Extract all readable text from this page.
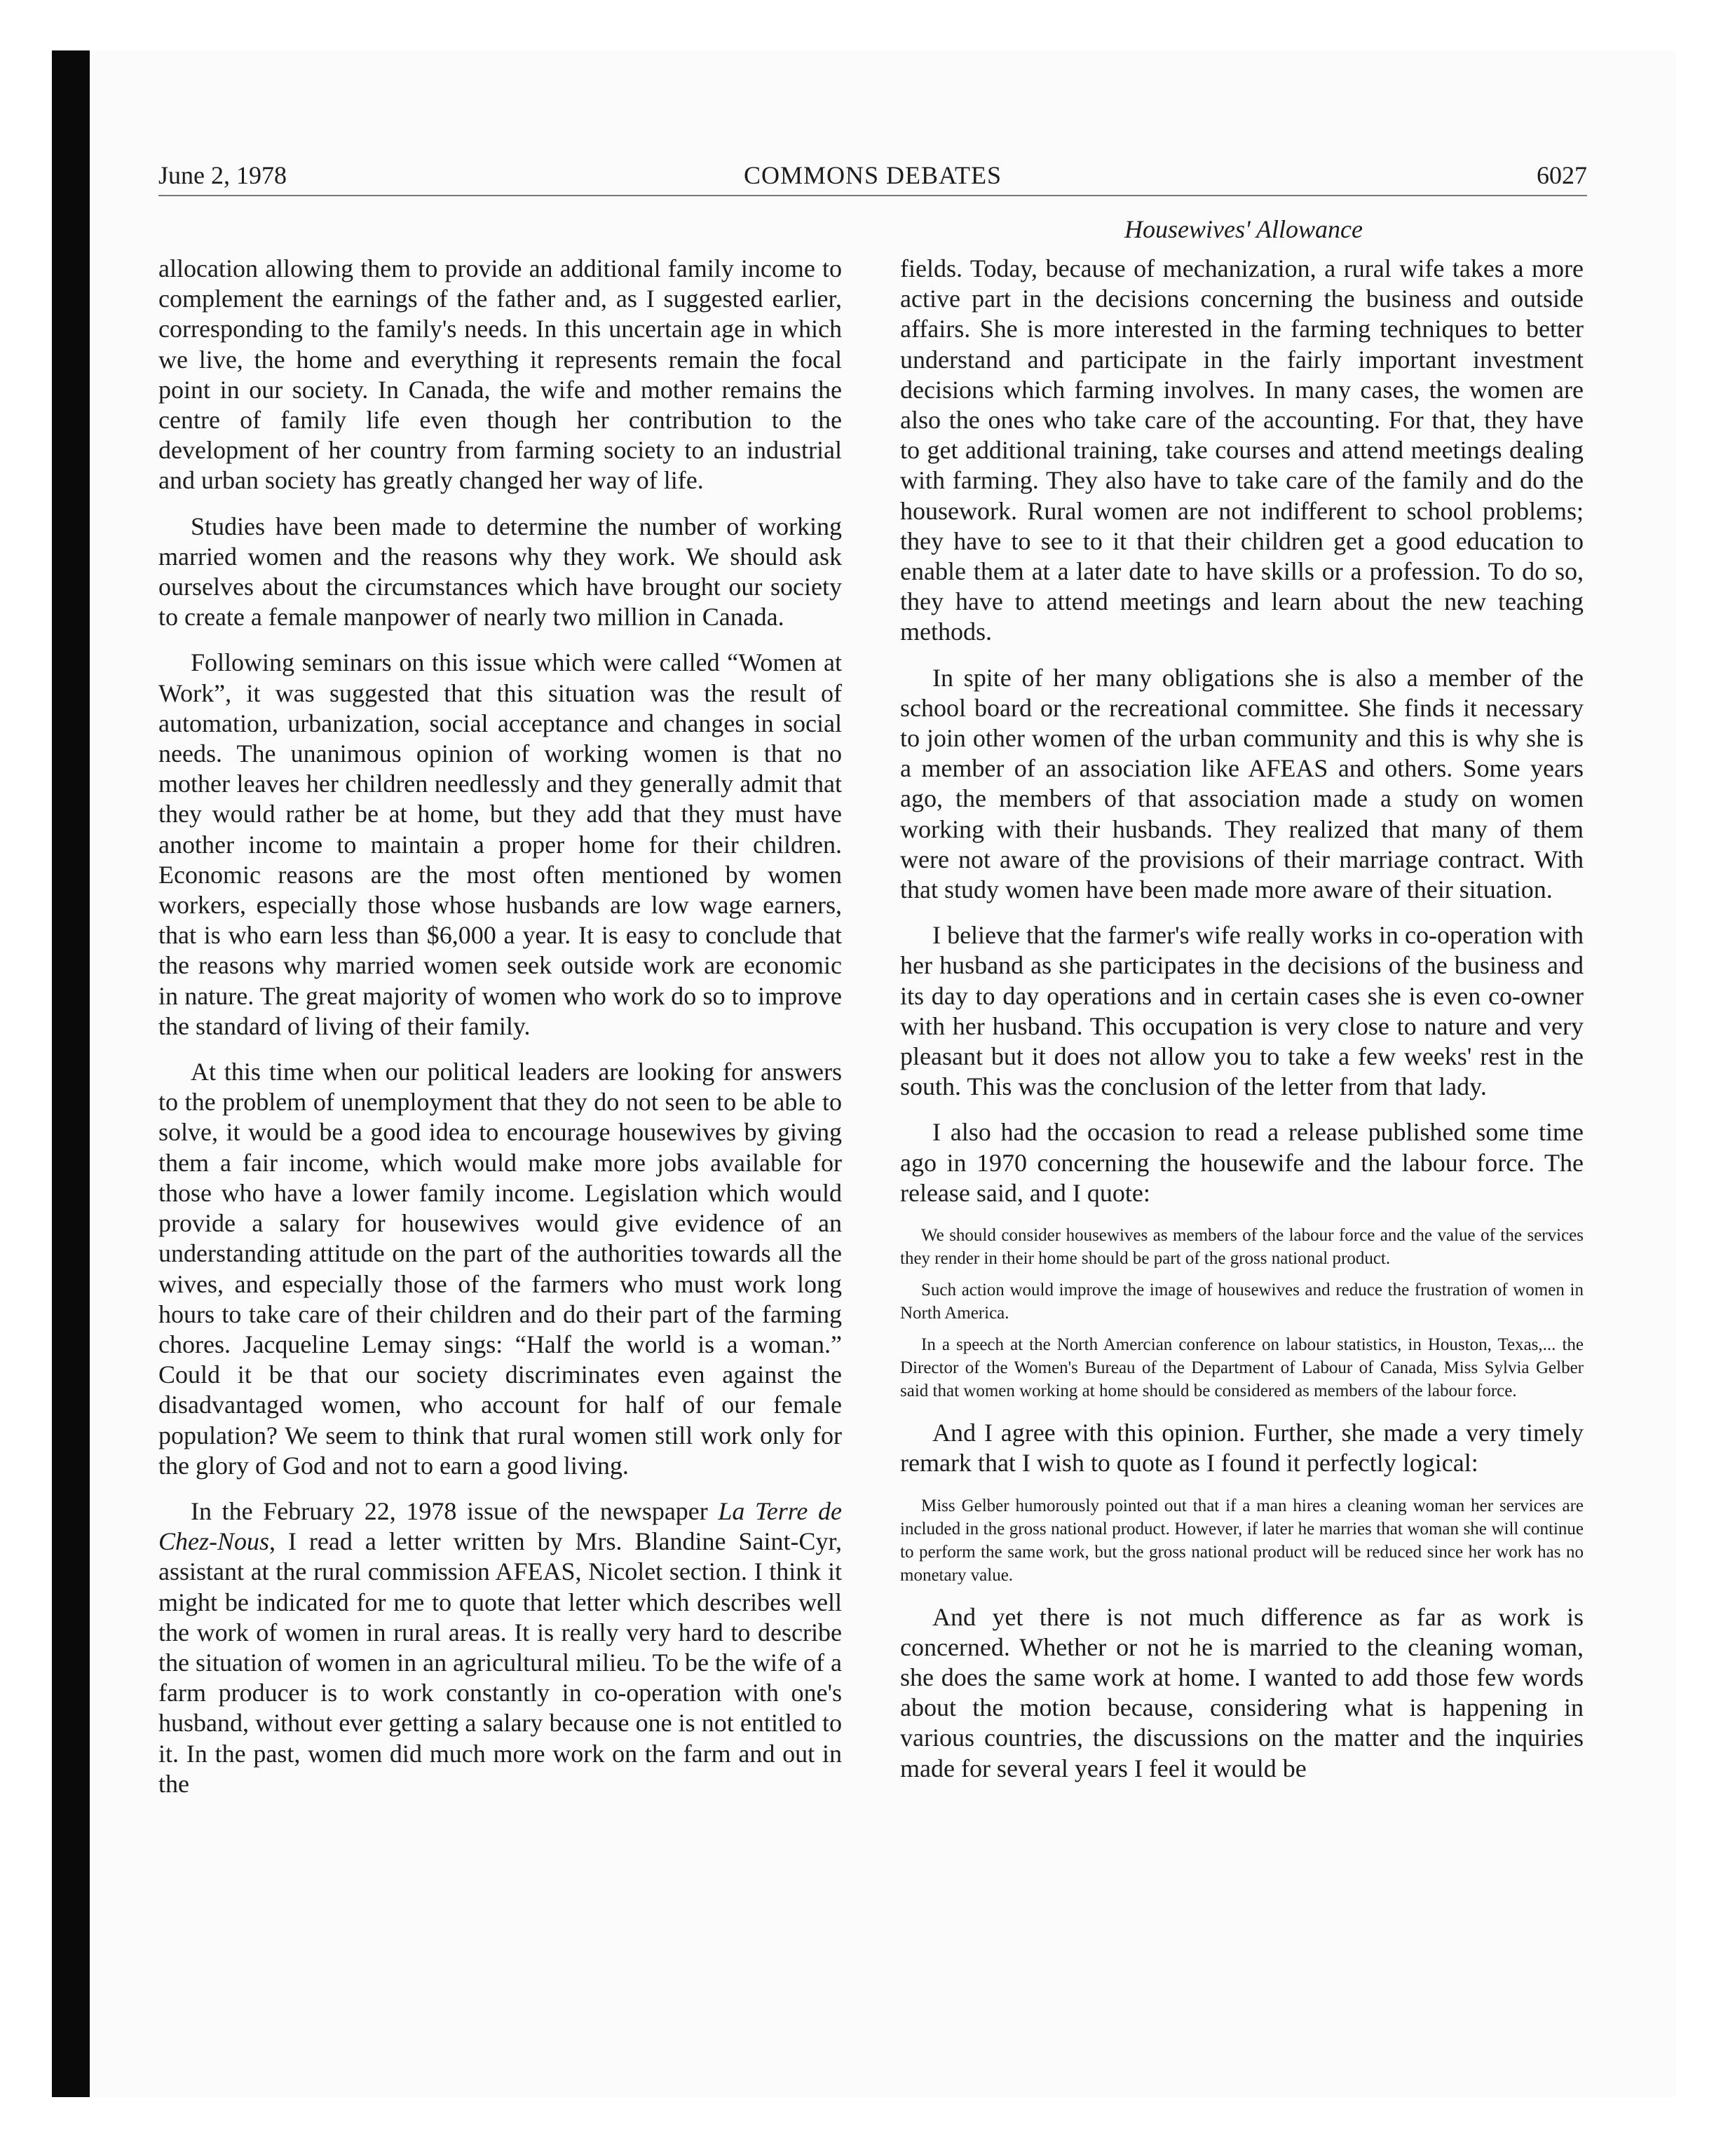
June 2, 1978	COMMONS DEBATES	6027
Housewives' Allowance

allocation allowing them to provide an additional family income to complement the earnings of the father and, as I suggested earlier, corresponding to the family's needs. In this uncertain age in which we live, the home and everything it represents remain the focal point in our society. In Canada, the wife and mother remains the centre of family life even though her contribution to the development of her country from farming society to an industrial and urban society has greatly changed her way of life.

Studies have been made to determine the number of working married women and the reasons why they work. We should ask ourselves about the circumstances which have brought our society to create a female manpower of nearly two million in Canada.

Following seminars on this issue which were called “Women at Work”, it was suggested that this situation was the result of automation, urbanization, social acceptance and changes in social needs. The unanimous opinion of working women is that no mother leaves her children needlessly and they generally admit that they would rather be at home, but they add that they must have another income to maintain a proper home for their children. Economic reasons are the most often mentioned by women workers, especially those whose husbands are low wage earners, that is who earn less than $6,000 a year. It is easy to conclude that the reasons why married women seek outside work are economic in nature. The great majority of women who work do so to improve the standard of living of their family.

At this time when our political leaders are looking for answers to the problem of unemployment that they do not seen to be able to solve, it would be a good idea to encourage housewives by giving them a fair income, which would make more jobs available for those who have a lower family income. Legislation which would provide a salary for housewives would give evidence of an understanding attitude on the part of the authorities towards all the wives, and especially those of the farmers who must work long hours to take care of their children and do their part of the farming chores. Jacqueline Lemay sings: “Half the world is a woman.” Could it be that our society discriminates even against the disadvantaged women, who account for half of our female population? We seem to think that rural women still work only for the glory of God and not to earn a good living.

In the February 22, 1978 issue of the newspaper La Terre de Chez-Nous, I read a letter written by Mrs. Blandine Saint-Cyr, assistant at the rural commission AFEAS, Nicolet section. I think it might be indicated for me to quote that letter which describes well the work of women in rural areas. It is really very hard to describe the situation of women in an agricultural milieu. To be the wife of a farm producer is to work constantly in co-operation with one's husband, without ever getting a salary because one is not entitled to it. In the past, women did much more work on the farm and out in the

fields. Today, because of mechanization, a rural wife takes a more active part in the decisions concerning the business and outside affairs. She is more interested in the farming techniques to better understand and participate in the fairly important investment decisions which farming involves. In many cases, the women are also the ones who take care of the accounting. For that, they have to get additional training, take courses and attend meetings dealing with farming. They also have to take care of the family and do the housework. Rural women are not indifferent to school problems; they have to see to it that their children get a good education to enable them at a later date to have skills or a profession. To do so, they have to attend meetings and learn about the new teaching methods.

In spite of her many obligations she is also a member of the school board or the recreational committee. She finds it necessary to join other women of the urban community and this is why she is a member of an association like AFEAS and others. Some years ago, the members of that association made a study on women working with their husbands. They realized that many of them were not aware of the provisions of their marriage contract. With that study women have been made more aware of their situation.

I believe that the farmer's wife really works in co-operation with her husband as she participates in the decisions of the business and its day to day operations and in certain cases she is even co-owner with her husband. This occupation is very close to nature and very pleasant but it does not allow you to take a few weeks' rest in the south. This was the conclusion of the letter from that lady.

I also had the occasion to read a release published some time ago in 1970 concerning the housewife and the labour force. The release said, and I quote:

We should consider housewives as members of the labour force and the value of the services they render in their home should be part of the gross national product.

Such action would improve the image of housewives and reduce the frustration of women in North America.

In a speech at the North Amercian conference on labour statistics, in Houston, Texas,... the Director of the Women's Bureau of the Department of Labour of Canada, Miss Sylvia Gelber said that women working at home should be considered as members of the labour force.

And I agree with this opinion. Further, she made a very timely remark that I wish to quote as I found it perfectly logical:

Miss Gelber humorously pointed out that if a man hires a cleaning woman her services are included in the gross national product. However, if later he marries that woman she will continue to perform the same work, but the gross national product will be reduced since her work has no monetary value.

And yet there is not much difference as far as work is concerned. Whether or not he is married to the cleaning woman, she does the same work at home. I wanted to add those few words about the motion because, considering what is happening in various countries, the discussions on the matter and the inquiries made for several years I feel it would be
